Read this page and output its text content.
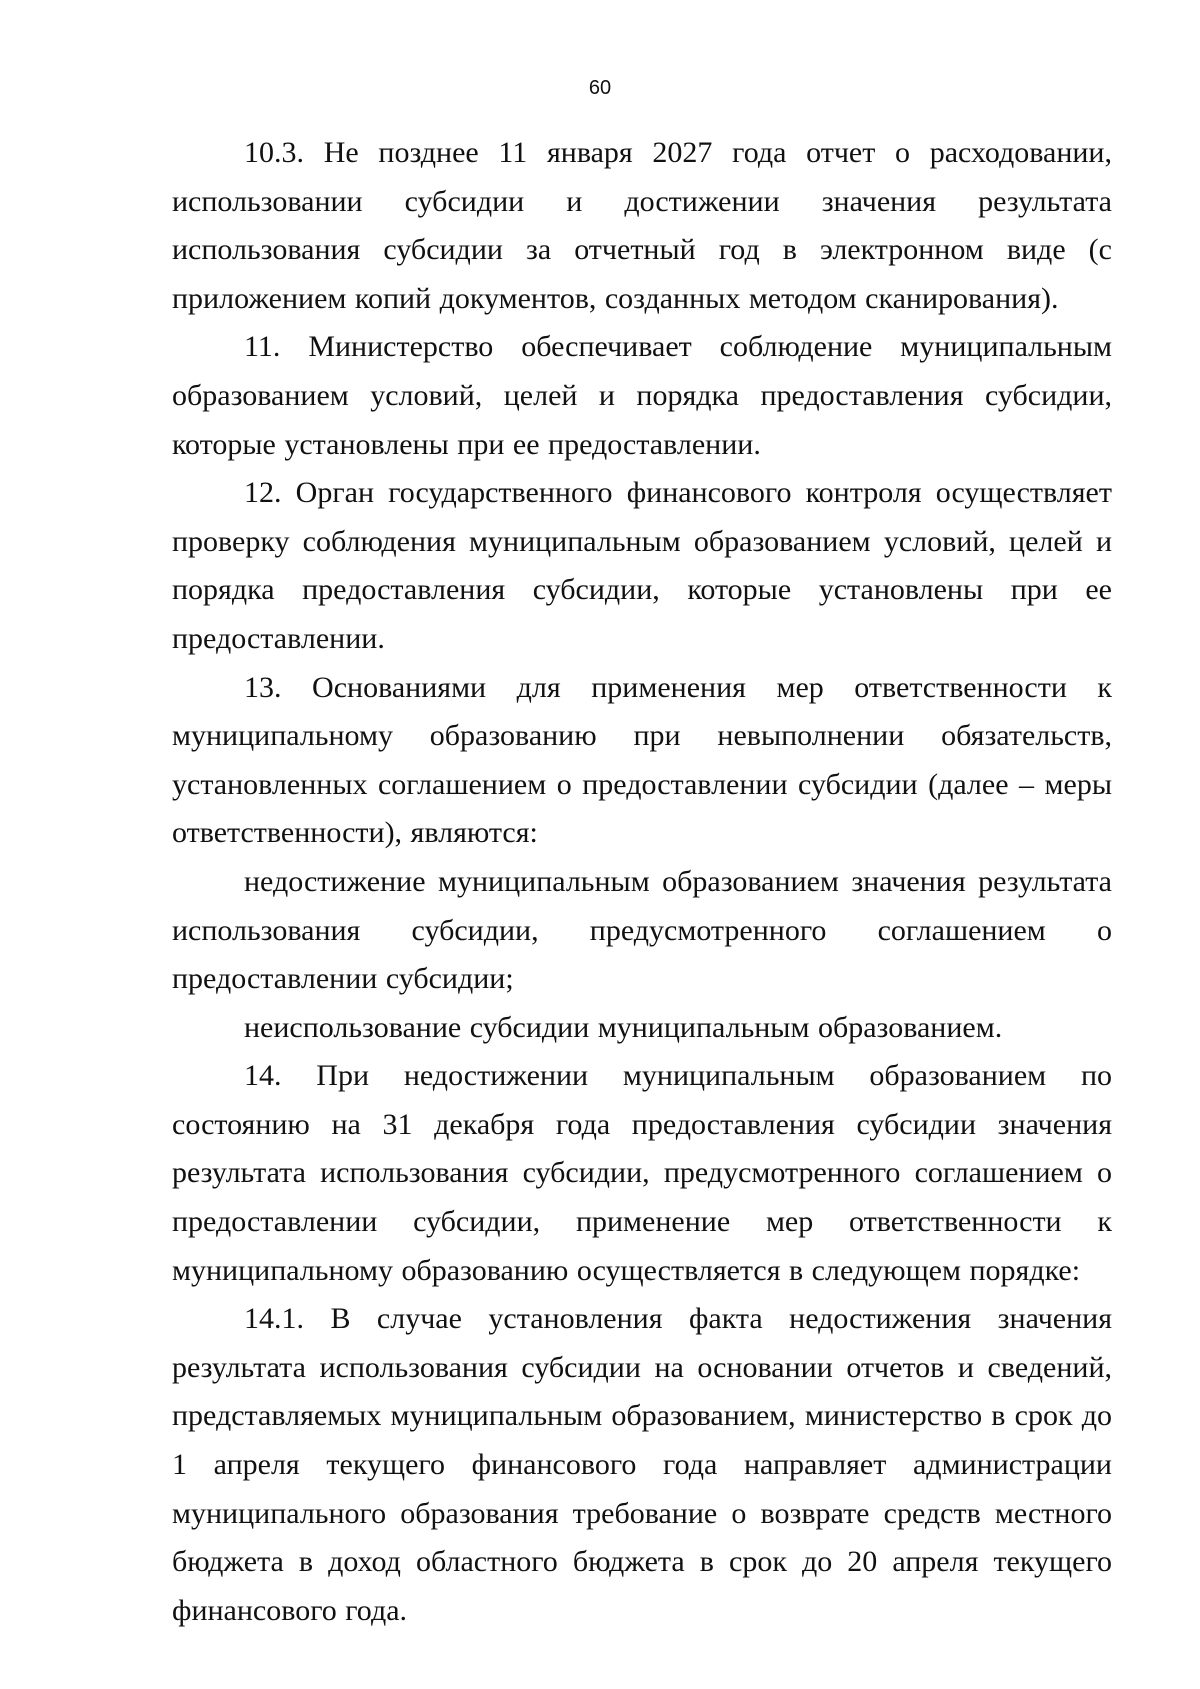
60

10.3. Не позднее 11 января 2027 года отчет о расходовании, использовании субсидии и достижении значения результата использования субсидии за отчетный год в электронном виде (с приложением копий документов, созданных методом сканирования).

11. Министерство обеспечивает соблюдение муниципальным образованием условий, целей и порядка предоставления субсидии, которые установлены при ее предоставлении.

12. Орган государственного финансового контроля осуществляет проверку соблюдения муниципальным образованием условий, целей и порядка предоставления субсидии, которые установлены при ее предоставлении.

13. Основаниями для применения мер ответственности к муниципальному образованию при невыполнении обязательств, установленных соглашением о предоставлении субсидии (далее – меры ответственности), являются:

недостижение муниципальным образованием значения результата использования субсидии, предусмотренного соглашением о предоставлении субсидии;

неиспользование субсидии муниципальным образованием.

14. При недостижении муниципальным образованием по состоянию на 31 декабря года предоставления субсидии значения результата использования субсидии, предусмотренного соглашением о предоставлении субсидии, применение мер ответственности к муниципальному образованию осуществляется в следующем порядке:

14.1. В случае установления факта недостижения значения результата использования субсидии на основании отчетов и сведений, представляемых муниципальным образованием, министерство в срок до 1 апреля текущего финансового года направляет администрации муниципального образования требование о возврате средств местного бюджета в доход областного бюджета в срок до 20 апреля текущего финансового года.
